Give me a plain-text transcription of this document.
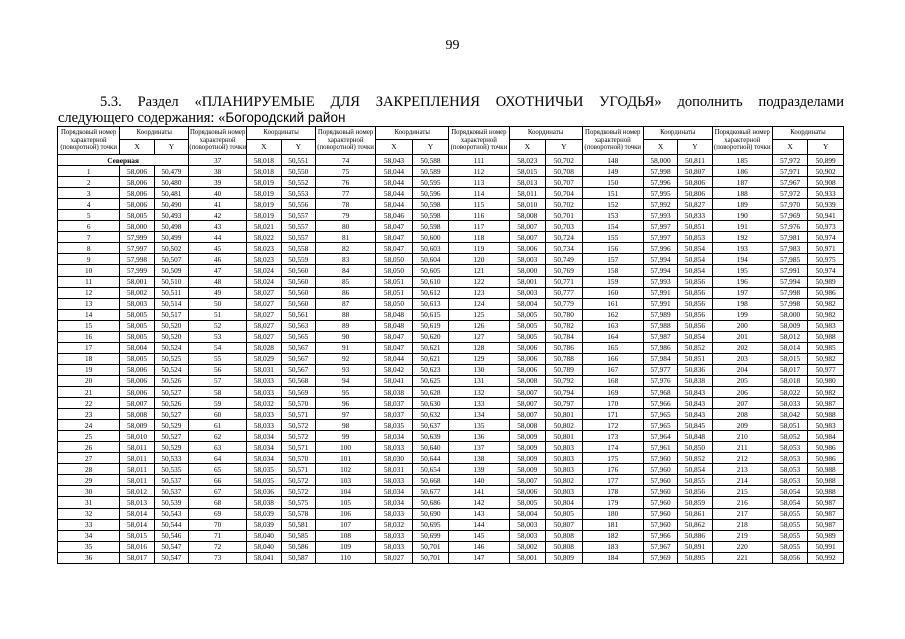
99
5.3. Раздел «ПЛАНИРУЕМЫЕ ДЛЯ ЗАКРЕПЛЕНИЯ ОХОТНИЧЬИ УГОДЬЯ» дополнить подразделами
следующего содержания: «Богородский район
Порядковый номер характерной (поворотной) точки	Координаты		Порядковый номер характерной (поворотной) точки	Координаты		Порядковый номер характерной (поворотной) точки	Координаты		Порядковый номер характерной (поворотной) точки	Координаты		Порядковый номер характерной (поворотной) точки	Координаты		Порядковый номер характерной (поворотной) точки	Координаты	
	X	Y		X	Y		X	Y		X	Y		X	Y		X	Y
Северная			37	58,018	50,551	74	58,043	50,588	111	58,023	50,702	148	58,000	50,811	185	57,972	50,899
1	58,006	50,479	38	58,018	50,550	75	58,044	50,589	112	58,015	50,708	149	57,998	50,807	186	57,971	50,902
2	58,006	50,480	39	58,019	50,552	76	58,044	50,595	113	58,013	50,707	150	57,996	50,806	187	57,967	50,908
3	58,006	50,481	40	58,019	50,553	77	58,044	50,596	114	58,011	50,704	151	57,995	50,806	188	57,972	50,933
4	58,006	50,490	41	58,019	50,556	78	58,044	50,598	115	58,010	50,702	152	57,992	50,827	189	57,970	50,939
5	58,005	50,493	42	58,019	50,557	79	58,046	50,598	116	58,008	50,701	153	57,993	50,833	190	57,969	50,941
6	58,000	50,498	43	58,021	50,557	80	58,047	50,598	117	58,007	50,703	154	57,997	50,851	191	57,976	50,973
7	57,999	50,499	44	58,022	50,557	81	58,047	50,600	118	58,007	50,724	155	57,997	50,853	192	57,981	50,974
8	57,997	50,502	45	58,023	50,558	82	58,047	50,603	119	58,006	50,734	156	57,996	50,854	193	57,983	50,971
9	57,998	50,507	46	58,023	50,559	83	58,050	50,604	120	58,003	50,749	157	57,994	50,854	194	57,985	50,975
10	57,999	50,509	47	58,024	50,560	84	58,050	50,605	121	58,000	50,769	158	57,994	50,854	195	57,991	50,974
11	58,001	50,510	48	58,024	50,560	85	58,051	50,610	122	58,001	50,771	159	57,993	50,856	196	57,994	50,989
12	58,002	50,511	49	58,027	50,560	86	58,051	50,612	123	58,003	50,777	160	57,991	50,856	197	57,998	50,986
13	58,003	50,514	50	58,027	50,560	87	58,050	50,613	124	58,004	50,779	161	57,991	50,856	198	57,998	50,982
14	58,005	50,517	51	58,027	50,561	88	58,048	50,615	125	58,005	50,780	162	57,989	50,856	199	58,000	50,982
15	58,005	50,520	52	58,027	50,563	89	58,048	50,619	126	58,005	50,782	163	57,988	50,856	200	58,009	50,983
16	58,005	50,520	53	58,027	50,565	90	58,047	50,620	127	58,005	50,784	164	57,987	50,854	201	58,012	50,988
17	58,004	50,524	54	58,028	50,567	91	58,047	50,621	128	58,006	50,786	165	57,986	50,852	202	58,014	50,985
18	58,005	50,525	55	58,029	50,567	92	58,044	50,621	129	58,006	50,788	166	57,984	50,851	203	58,015	50,982
19	58,006	50,524	56	58,031	50,567	93	58,042	50,623	130	58,006	50,789	167	57,977	50,836	204	58,017	50,977
20	58,006	50,526	57	58,033	50,568	94	58,041	50,625	131	58,008	50,792	168	57,976	50,838	205	58,018	50,980
21	58,006	50,527	58	58,033	50,569	95	58,038	50,628	132	58,007	50,794	169	57,968	50,843	206	58,022	50,982
22	58,007	50,526	59	58,032	50,570	96	58,037	50,630	133	58,007	50,797	170	57,966	50,843	207	58,033	50,987
23	58,008	50,527	60	58,033	50,571	97	58,037	50,632	134	58,007	50,801	171	57,965	50,843	208	58,042	50,988
24	58,009	50,529	61	58,033	50,572	98	58,035	50,637	135	58,008	50,802	172	57,965	50,845	209	58,051	50,983
25	58,010	50,527	62	58,034	50,572	99	58,034	50,639	136	58,009	50,801	173	57,964	50,848	210	58,052	50,984
26	58,011	50,529	63	58,034	50,571	100	58,033	50,640	137	58,009	50,803	174	57,961	50,850	211	58,053	50,986
27	58,011	50,533	64	58,034	50,570	101	58,030	50,644	138	58,009	50,803	175	57,960	50,852	212	58,053	50,986
28	58,011	50,535	65	58,035	50,571	102	58,031	50,654	139	58,009	50,803	176	57,960	50,854	213	58,053	50,988
29	58,011	50,537	66	58,035	50,572	103	58,033	50,668	140	58,007	50,802	177	57,960	50,855	214	58,053	50,988
30	58,012	50,537	67	58,036	50,572	104	58,034	50,677	141	58,006	50,803	178	57,960	50,856	215	58,054	50,988
31	58,013	50,539	68	58,038	50,575	105	58,034	50,686	142	58,005	50,804	179	57,960	50,859	216	58,054	50,987
32	58,014	50,543	69	58,039	50,578	106	58,033	50,690	143	58,004	50,805	180	57,960	50,861	217	58,055	50,987
33	58,014	50,544	70	58,039	50,581	107	58,032	50,695	144	58,003	50,807	181	57,960	50,862	218	58,055	50,987
34	58,015	50,546	71	58,040	50,585	108	58,033	50,699	145	58,003	50,808	182	57,966	50,886	219	58,055	50,989
35	58,016	50,547	72	58,040	50,586	109	58,033	50,701	146	58,002	50,808	183	57,967	50,891	220	58,055	50,991
36	58,017	50,547	73	58,041	50,587	110	58,027	50,701	147	58,001	50,809	184	57,969	50,895	221	58,056	50,992
